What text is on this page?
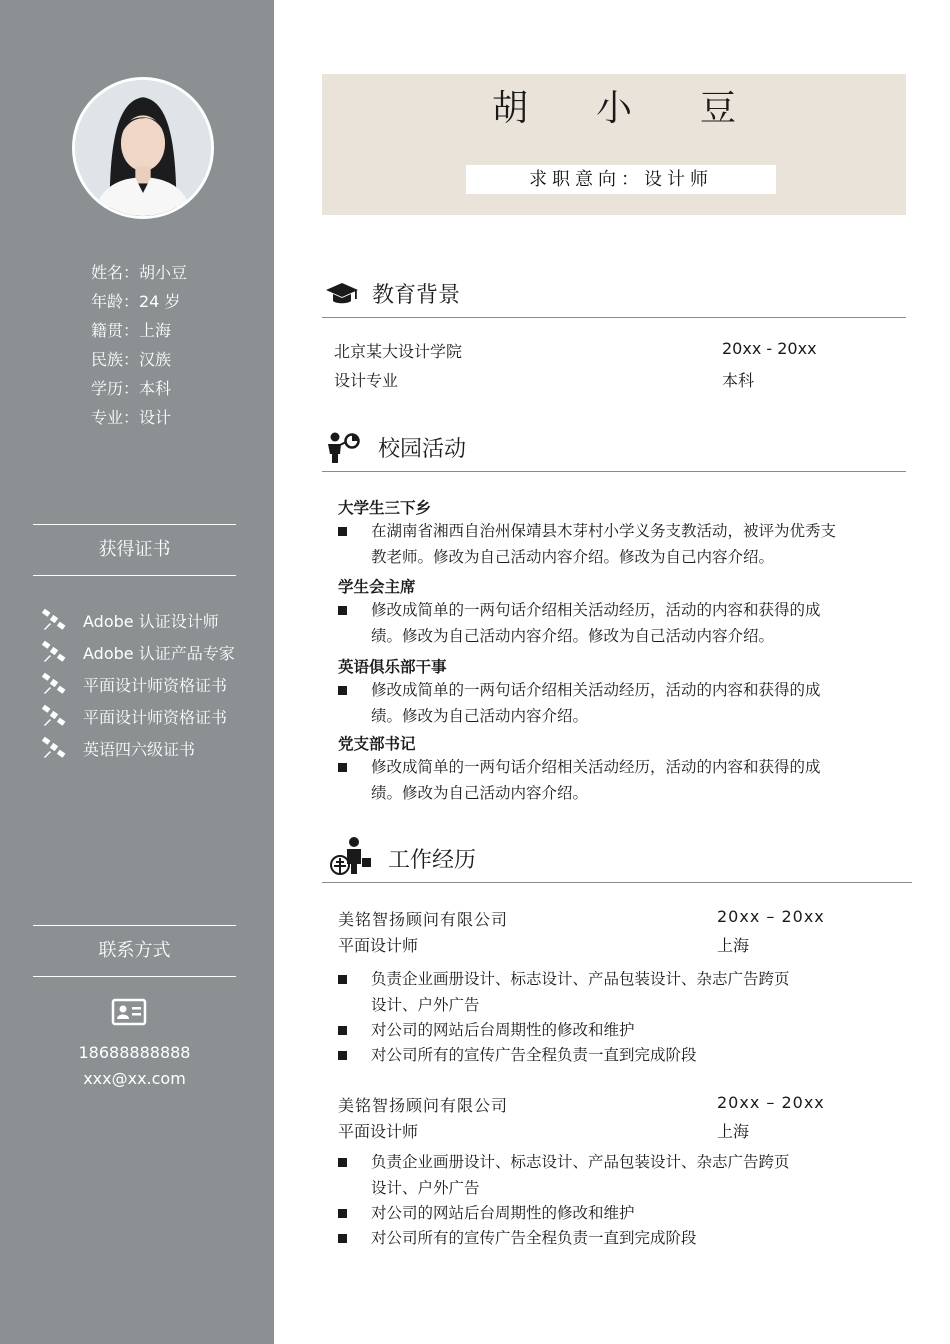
姓名：胡小豆
年龄：24 岁
籍贯：上海
民族：汉族
学历：本科
专业：设计
获得证书
Adobe 认证设计师
Adobe 认证产品专家
平面设计师资格证书
平面设计师资格证书
英语四六级证书
联系方式
18688888888
xxx@xx.com
胡 小 豆
求职意向：设计师
教育背景
北京某大设计学院	20xx - 20xx
设计专业	本科
校园活动
大学生三下乡
在湖南省湘西自治州保靖县木芽村小学义务支教活动，被评为优秀支教老师。修改为自己活动内容介绍。修改为自己内容介绍。
学生会主席
修改成简单的一两句话介绍相关活动经历，活动的内容和获得的成绩。修改为自己活动内容介绍。修改为自己活动内容介绍。
英语俱乐部干事
修改成简单的一两句话介绍相关活动经历，活动的内容和获得的成绩。修改为自己活动内容介绍。
党支部书记
修改成简单的一两句话介绍相关活动经历，活动的内容和获得的成绩。修改为自己活动内容介绍。
工作经历
美铭智扬顾问有限公司	20xx – 20xx
平面设计师	上海
负责企业画册设计、标志设计、产品包装设计、杂志广告跨页设计、户外广告
对公司的网站后台周期性的修改和维护
对公司所有的宣传广告全程负责一直到完成阶段
美铭智扬顾问有限公司	20xx – 20xx
平面设计师	上海
负责企业画册设计、标志设计、产品包装设计、杂志广告跨页设计、户外广告
对公司的网站后台周期性的修改和维护
对公司所有的宣传广告全程负责一直到完成阶段
